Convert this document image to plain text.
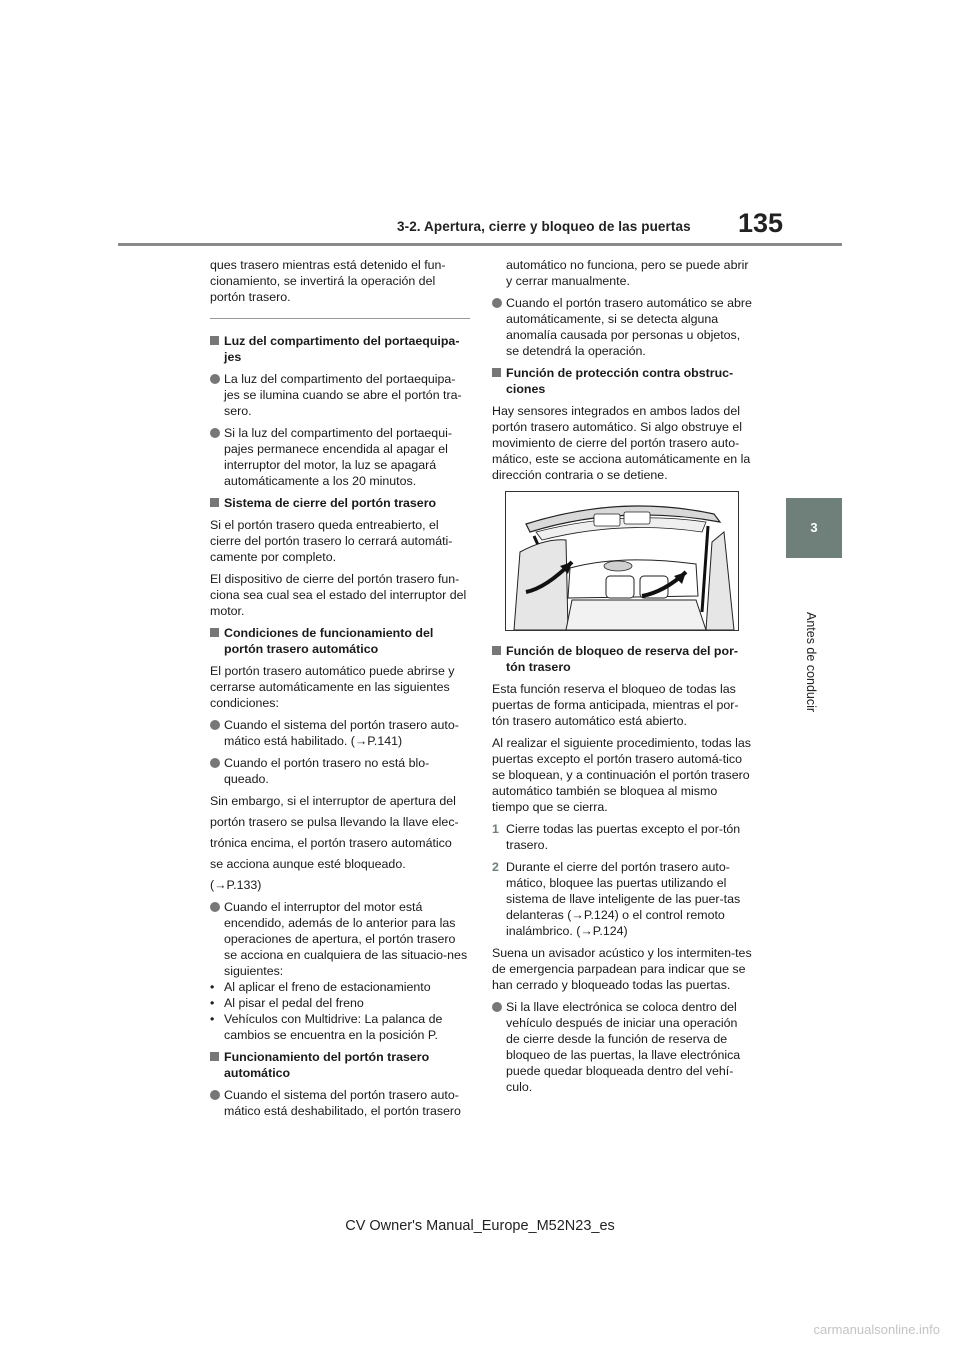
3-2. Apertura, cierre y bloqueo de las puertas 135
3
Antes de conducir

ques trasero mientras está detenido el fun-cionamiento, se invertirá la operación del portón trasero.

Luz del compartimento del portaequipa-jes
La luz del compartimento del portaequipa-jes se ilumina cuando se abre el portón tra-sero.
Si la luz del compartimento del portaequi-pajes permanece encendida al apagar el interruptor del motor, la luz se apagará automáticamente a los 20 minutos.
Sistema de cierre del portón trasero

Si el portón trasero queda entreabierto, el cierre del portón trasero lo cerrará automáti-camente por completo.

El dispositivo de cierre del portón trasero fun-ciona sea cual sea el estado del interruptor del motor.

Condiciones de funcionamiento del portón trasero automático

El portón trasero automático puede abrirse y cerrarse automáticamente en las siguientes condiciones:

Cuando el sistema del portón trasero auto-mático está habilitado. (→P.141)
Cuando el portón trasero no está blo-queado.
Sin embargo, si el interruptor de apertura del
portón trasero se pulsa llevando la llave elec-
trónica encima, el portón trasero automático
se acciona aunque esté bloqueado.
(→P.133)
Cuando el interruptor del motor está encendido, además de lo anterior para las operaciones de apertura, el portón trasero se acciona en cualquiera de las situacio-nes siguientes:
• Al aplicar el freno de estacionamiento
• Al pisar el pedal del freno
• Vehículos con Multidrive: La palanca de cambios se encuentra en la posición P.
Funcionamiento del portón trasero automático
Cuando el sistema del portón trasero auto-mático está deshabilitado, el portón trasero

automático no funciona, pero se puede abrir y cerrar manualmente.

Cuando el portón trasero automático se abre automáticamente, si se detecta alguna anomalía causada por personas u objetos, se detendrá la operación.
Función de protección contra obstruc-ciones

Hay sensores integrados en ambos lados del portón trasero automático. Si algo obstruye el movimiento de cierre del portón trasero auto-mático, este se acciona automáticamente en la dirección contraria o se detiene.

Función de bloqueo de reserva del por-tón trasero

Esta función reserva el bloqueo de todas las puertas de forma anticipada, mientras el por-tón trasero automático está abierto.

Al realizar el siguiente procedimiento, todas las puertas excepto el portón trasero automá-tico se bloquean, y a continuación el portón trasero automático también se bloquea al mismo tiempo que se cierra.

1 Cierre todas las puertas excepto el por-tón trasero.
2 Durante el cierre del portón trasero auto-mático, bloquee las puertas utilizando el sistema de llave inteligente de las puer-tas delanteras (→P.124) o el control remoto inalámbrico. (→P.124)

Suena un avisador acústico y los intermiten-tes de emergencia parpadean para indicar que se han cerrado y bloqueado todas las puertas.

Si la llave electrónica se coloca dentro del vehículo después de iniciar una operación de cierre desde la función de reserva de bloqueo de las puertas, la llave electrónica puede quedar bloqueada dentro del vehí-culo.
CV Owner's Manual_Europe_M52N23_es
carmanualsonline.info
